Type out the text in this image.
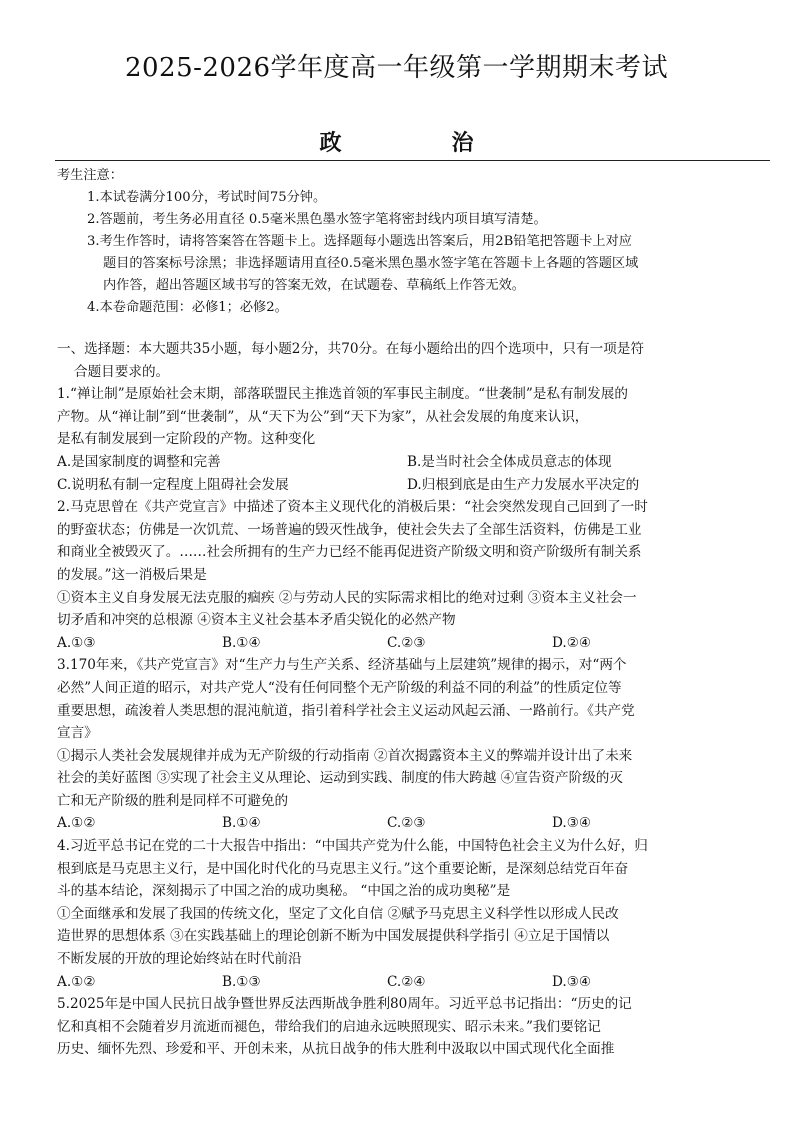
2025-2026学年度高一年级第一学期期末考试
政治
考生注意：
1.本试卷满分100分，考试时间75分钟。
2.答题前，考生务必用直径 0.5毫米黑色墨水签字笔将密封线内项目填写清楚。
3.考生作答时，请将答案答在答题卡上。选择题每小题选出答案后，用2B铅笔把答题卡上对应
题目的答案标号涂黑；非选择题请用直径0.5毫米黑色墨水签字笔在答题卡上各题的答题区域
内作答，超出答题区域书写的答案无效，在试题卷、草稿纸上作答无效。
4.本卷命题范围：必修1；必修2。
一、选择题：本大题共35小题，每小题2分，共70分。在每小题给出的四个选项中，只有一项是符
合题目要求的。
1.“禅让制”是原始社会末期，部落联盟民主推选首领的军事民主制度。“世袭制”是私有制发展的
产物。从“禅让制”到“世袭制”，从“天下为公”到“天下为家”，从社会发展的角度来认识，
是私有制发展到一定阶段的产物。这种变化
A.是国家制度的调整和完善	B.是当时社会全体成员意志的体现
C.说明私有制一定程度上阻碍社会发展	D.归根到底是由生产力发展水平决定的
2.马克思曾在《共产党宣言》中描述了资本主义现代化的消极后果：“社会突然发现自己回到了一时
的野蛮状态；仿佛是一次饥荒、一场普遍的毁灭性战争，使社会失去了全部生活资料，仿佛是工业
和商业全被毁灭了。……社会所拥有的生产力已经不能再促进资产阶级文明和资产阶级所有制关系
的发展。”这一消极后果是
①资本主义自身发展无法克服的痼疾 ②与劳动人民的实际需求相比的绝对过剩 ③资本主义社会一
切矛盾和冲突的总根源 ④资本主义社会基本矛盾尖锐化的必然产物
A.①③	B.①④	C.②③	D.②④
3.170年来，《共产党宣言》对“生产力与生产关系、经济基础与上层建筑”规律的揭示，对“两个
必然”人间正道的昭示，对共产党人“没有任何同整个无产阶级的利益不同的利益”的性质定位等
重要思想，疏浚着人类思想的混沌航道，指引着科学社会主义运动风起云涌、一路前行。《共产党
宣言》
①揭示人类社会发展规律并成为无产阶级的行动指南 ②首次揭露资本主义的弊端并设计出了未来
社会的美好蓝图 ③实现了社会主义从理论、运动到实践、制度的伟大跨越 ④宣告资产阶级的灭
亡和无产阶级的胜利是同样不可避免的
A.①②	B.①④	C.②③	D.③④
4.习近平总书记在党的二十大报告中指出：“中国共产党为什么能，中国特色社会主义为什么好，归
根到底是马克思主义行，是中国化时代化的马克思主义行。”这个重要论断，是深刻总结党百年奋
斗的基本结论，深刻揭示了中国之治的成功奥秘。 “中国之治的成功奥秘”是
①全面继承和发展了我国的传统文化，坚定了文化自信 ②赋予马克思主义科学性以形成人民改
造世界的思想体系 ③在实践基础上的理论创新不断为中国发展提供科学指引 ④立足于国情以
不断发展的开放的理论始终站在时代前沿
A.①②	B.①③	C.②④	D.③④
5.2025年是中国人民抗日战争暨世界反法西斯战争胜利80周年。习近平总书记指出：“历史的记
忆和真相不会随着岁月流逝而褪色，带给我们的启迪永远映照现实、昭示未来。”我们要铭记
历史、缅怀先烈、珍爱和平、开创未来，从抗日战争的伟大胜利中汲取以中国式现代化全面推
